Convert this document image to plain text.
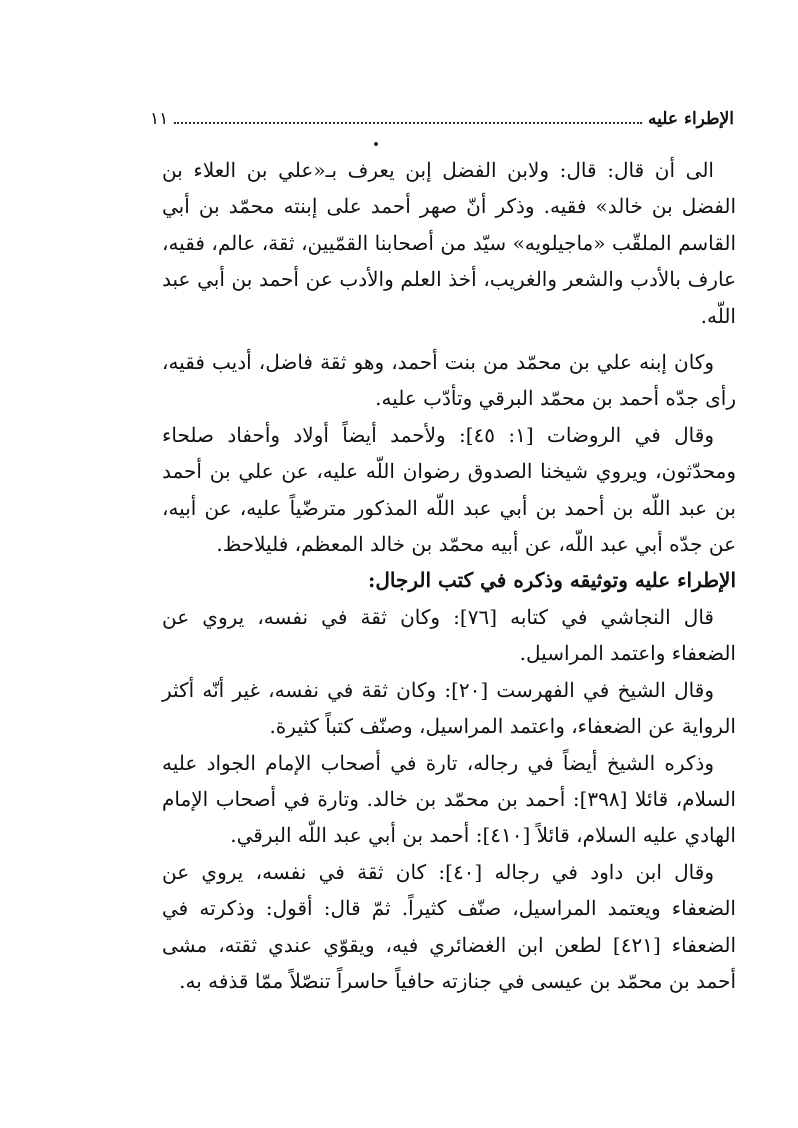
الإطراء عليه
١١

الى أن قال: قال: ولابن الفضل إبن يعرف بـ«علي بن العلاء بن الفضل بن خالد» فقيه. وذكر أنّ صهر أحمد على إبنته محمّد بن أبي القاسم الملقّب «ماجيلويه» سيّد من أصحابنا القمّيين، ثقة، عالم، فقيه، عارف بالأدب والشعر والغريب، أخذ العلم والأدب عن أحمد بن أبي عبد اللّه.

وكان إبنه علي بن محمّد من بنت أحمد، وهو ثقة فاضل، أديب فقيه، رأى جدّه أحمد بن محمّد البرقي وتأدّب عليه.

وقال في الروضات [١: ٤٥]: ولأحمد أيضاً أولاد وأحفاد صلحاء ومحدّثون، ويروي شيخنا الصدوق رضوان اللّه عليه، عن علي بن أحمد بن عبد اللّه بن أحمد بن أبي عبد اللّه المذكور مترضّياً عليه، عن أبيه، عن جدّه أبي عبد اللّه، عن أبيه محمّد بن خالد المعظم، فليلاحظ.

الإطراء عليه وتوثيقه وذكره في كتب الرجال:

قال النجاشي في كتابه [٧٦]: وكان ثقة في نفسه، يروي عن الضعفاء واعتمد المراسيل.

وقال الشيخ في الفهرست [٢٠]: وكان ثقة في نفسه، غير أنّه أكثر الرواية عن الضعفاء، واعتمد المراسيل، وصنّف كتباً كثيرة.

وذكره الشيخ أيضاً في رجاله، تارة في أصحاب الإمام الجواد عليه السلام، قائلا [٣٩٨]: أحمد بن محمّد بن خالد. وتارة في أصحاب الإمام الهادي عليه السلام، قائلاً [٤١٠]: أحمد بن أبي عبد اللّه البرقي.

وقال ابن داود في رجاله [٤٠]: كان ثقة في نفسه، يروي عن الضعفاء ويعتمد المراسيل، صنّف كثيراً. ثمّ قال: أقول: وذكرته في الضعفاء [٤٢١] لطعن ابن الغضائري فيه، ويقوّي عندي ثقته، مشى أحمد بن محمّد بن عيسى في جنازته حافياً حاسراً تنصّلاً ممّا قذفه به.
